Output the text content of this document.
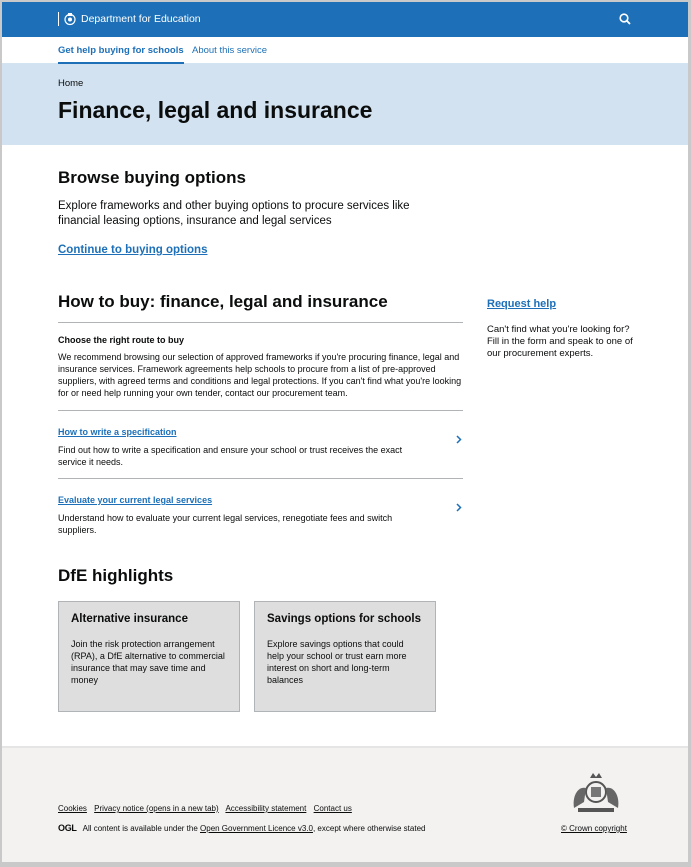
Department for Education
Get help buying for schools About this service
Home
Finance, legal and insurance
Browse buying options

Explore frameworks and other buying options to procure services like financial leasing options, insurance and legal services

Continue to buying options
How to buy: finance, legal and insurance

Choose the right route to buy

We recommend browsing our selection of approved frameworks if you're procuring finance, legal and insurance services. Framework agreements help schools to procure from a list of pre-approved suppliers, with agreed terms and conditions and legal protections. If you can't find what you're looking for or need help running your own tender, contact our procurement team.

How to write a specification

Find out how to write a specification and ensure your school or trust receives the exact service it needs.

Evaluate your current legal services

Understand how to evaluate your current legal services, renegotiate fees and switch suppliers.

Request help

Can't find what you're looking for? Fill in the form and speak to one of our procurement experts.

DfE highlights
Alternative insurance

Join the risk protection arrangement (RPA), a DfE alternative to commercial insurance that may save time and money

Savings options for schools

Explore savings options that could help your school or trust earn more interest on short and long-term balances

Cookies Privacy notice (opens in a new tab) Accessibility statement Contact us
OGL All content is available under the Open Government Licence v3.0 , except where otherwise stated	© Crown copyright
